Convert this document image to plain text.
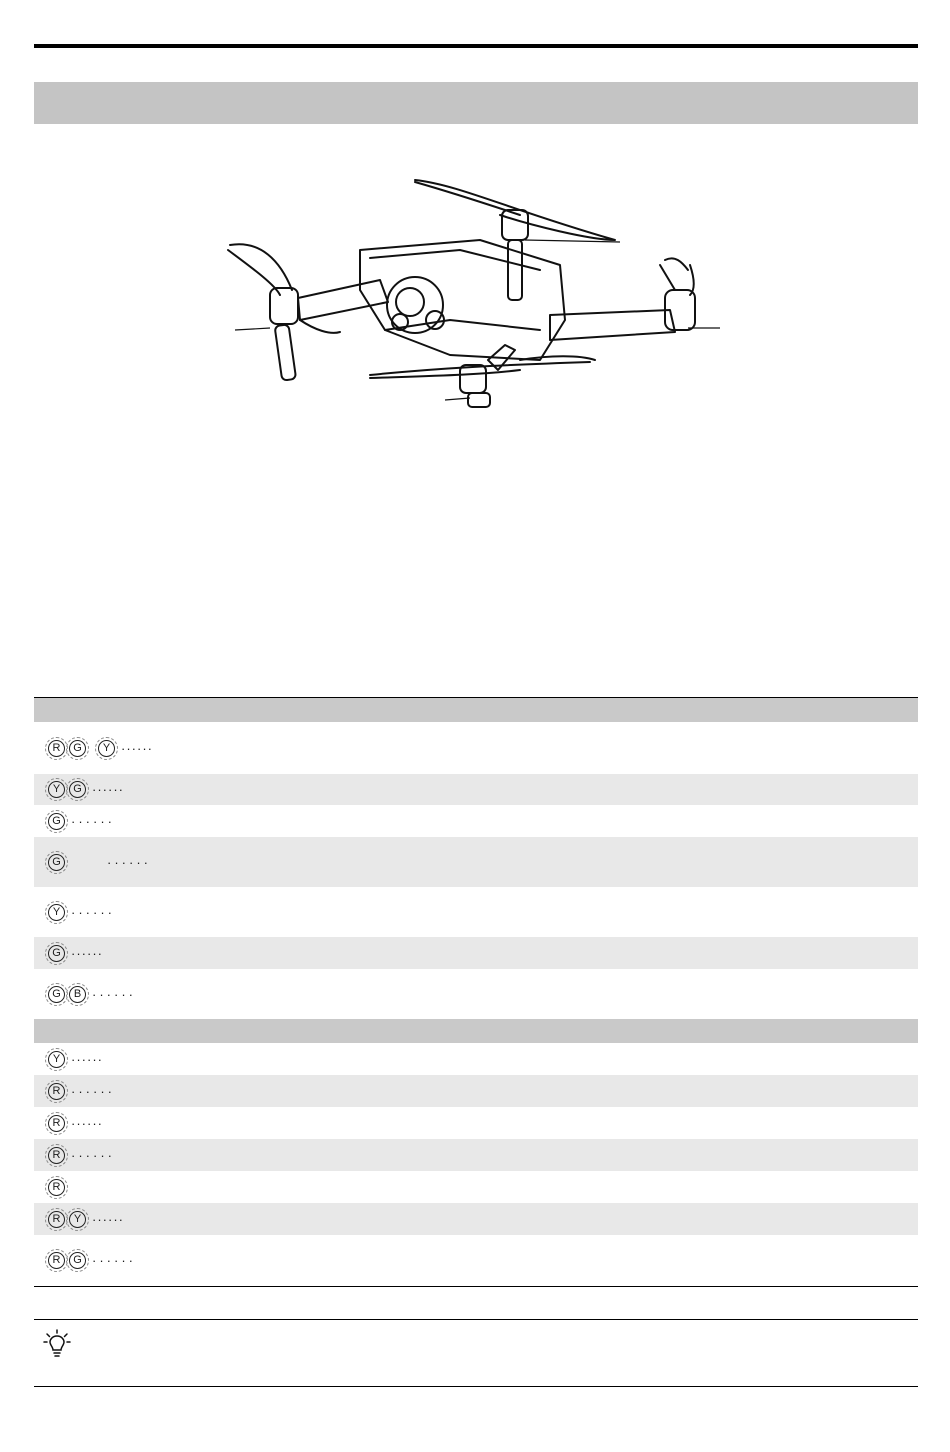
R	G	Y ······
Y	G ······
G ······
G	······
Y ······
G ······
G	B ······
Y ······
R ······
R ······
R ······
R
R	Y ······
R	G ······
